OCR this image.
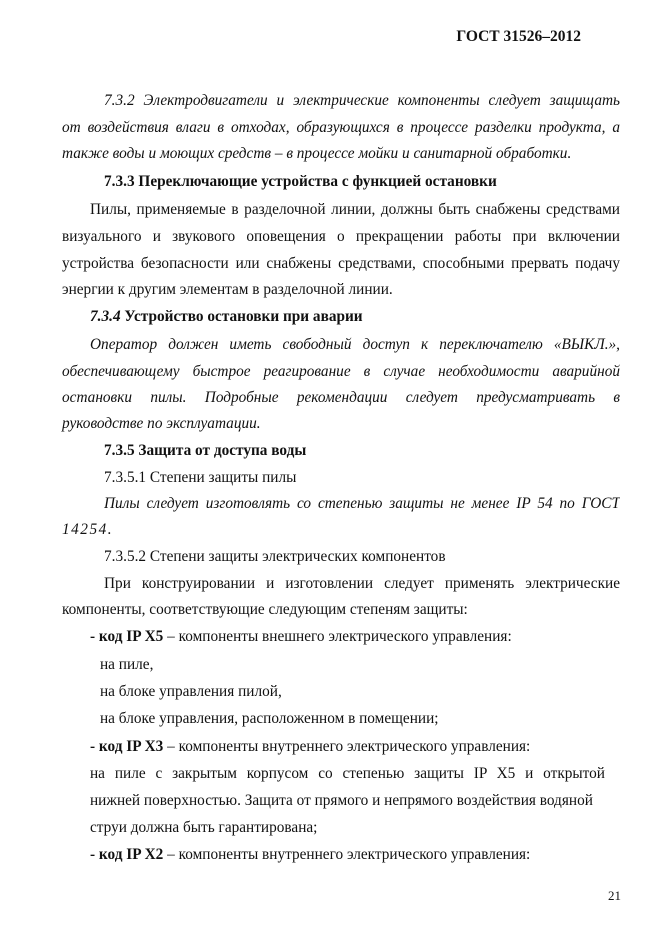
ГОСТ 31526–2012
7.3.2 Электродвигатели и электрические компоненты следует защищать
от воздействия влаги в отходах, образующихся в процессе разделки продукта, а
также воды и моющих средств – в процессе мойки и санитарной обработки.
7.3.3 Переключающие устройства с функцией остановки
Пилы, применяемые в разделочной линии, должны быть снабжены средствами
визуального и звукового оповещения о прекращении работы при включении
устройства безопасности или снабжены средствами, способными прервать подачу
энергии к другим элементам в разделочной линии.
7.3.4 Устройство остановки при аварии
Оператор должен иметь свободный доступ к переключателю «ВЫКЛ.»,
обеспечивающему быстрое реагирование в случае необходимости аварийной
остановки пилы. Подробные рекомендации следует предусматривать в
руководстве по эксплуатации.
7.3.5 Защита от доступа воды
7.3.5.1 Степени защиты пилы
Пилы следует изготовлять со степенью защиты не менее IP 54 по ГОСТ
14254.
7.3.5.2 Степени защиты электрических компонентов
При конструировании и изготовлении следует применять электрические
компоненты, соответствующие следующим степеням защиты:
- код IP X5 – компоненты внешнего электрического управления:
на пиле,
на блоке управления пилой,
на блоке управления, расположенном в помещении;
- код IP X3 – компоненты внутреннего электрического управления:
на пиле с закрытым корпусом со степенью защиты IP X5 и открытой
нижней поверхностью. Защита от прямого и непрямого воздействия водяной
струи должна быть гарантирована;
- код IP X2 – компоненты внутреннего электрического управления:
21
